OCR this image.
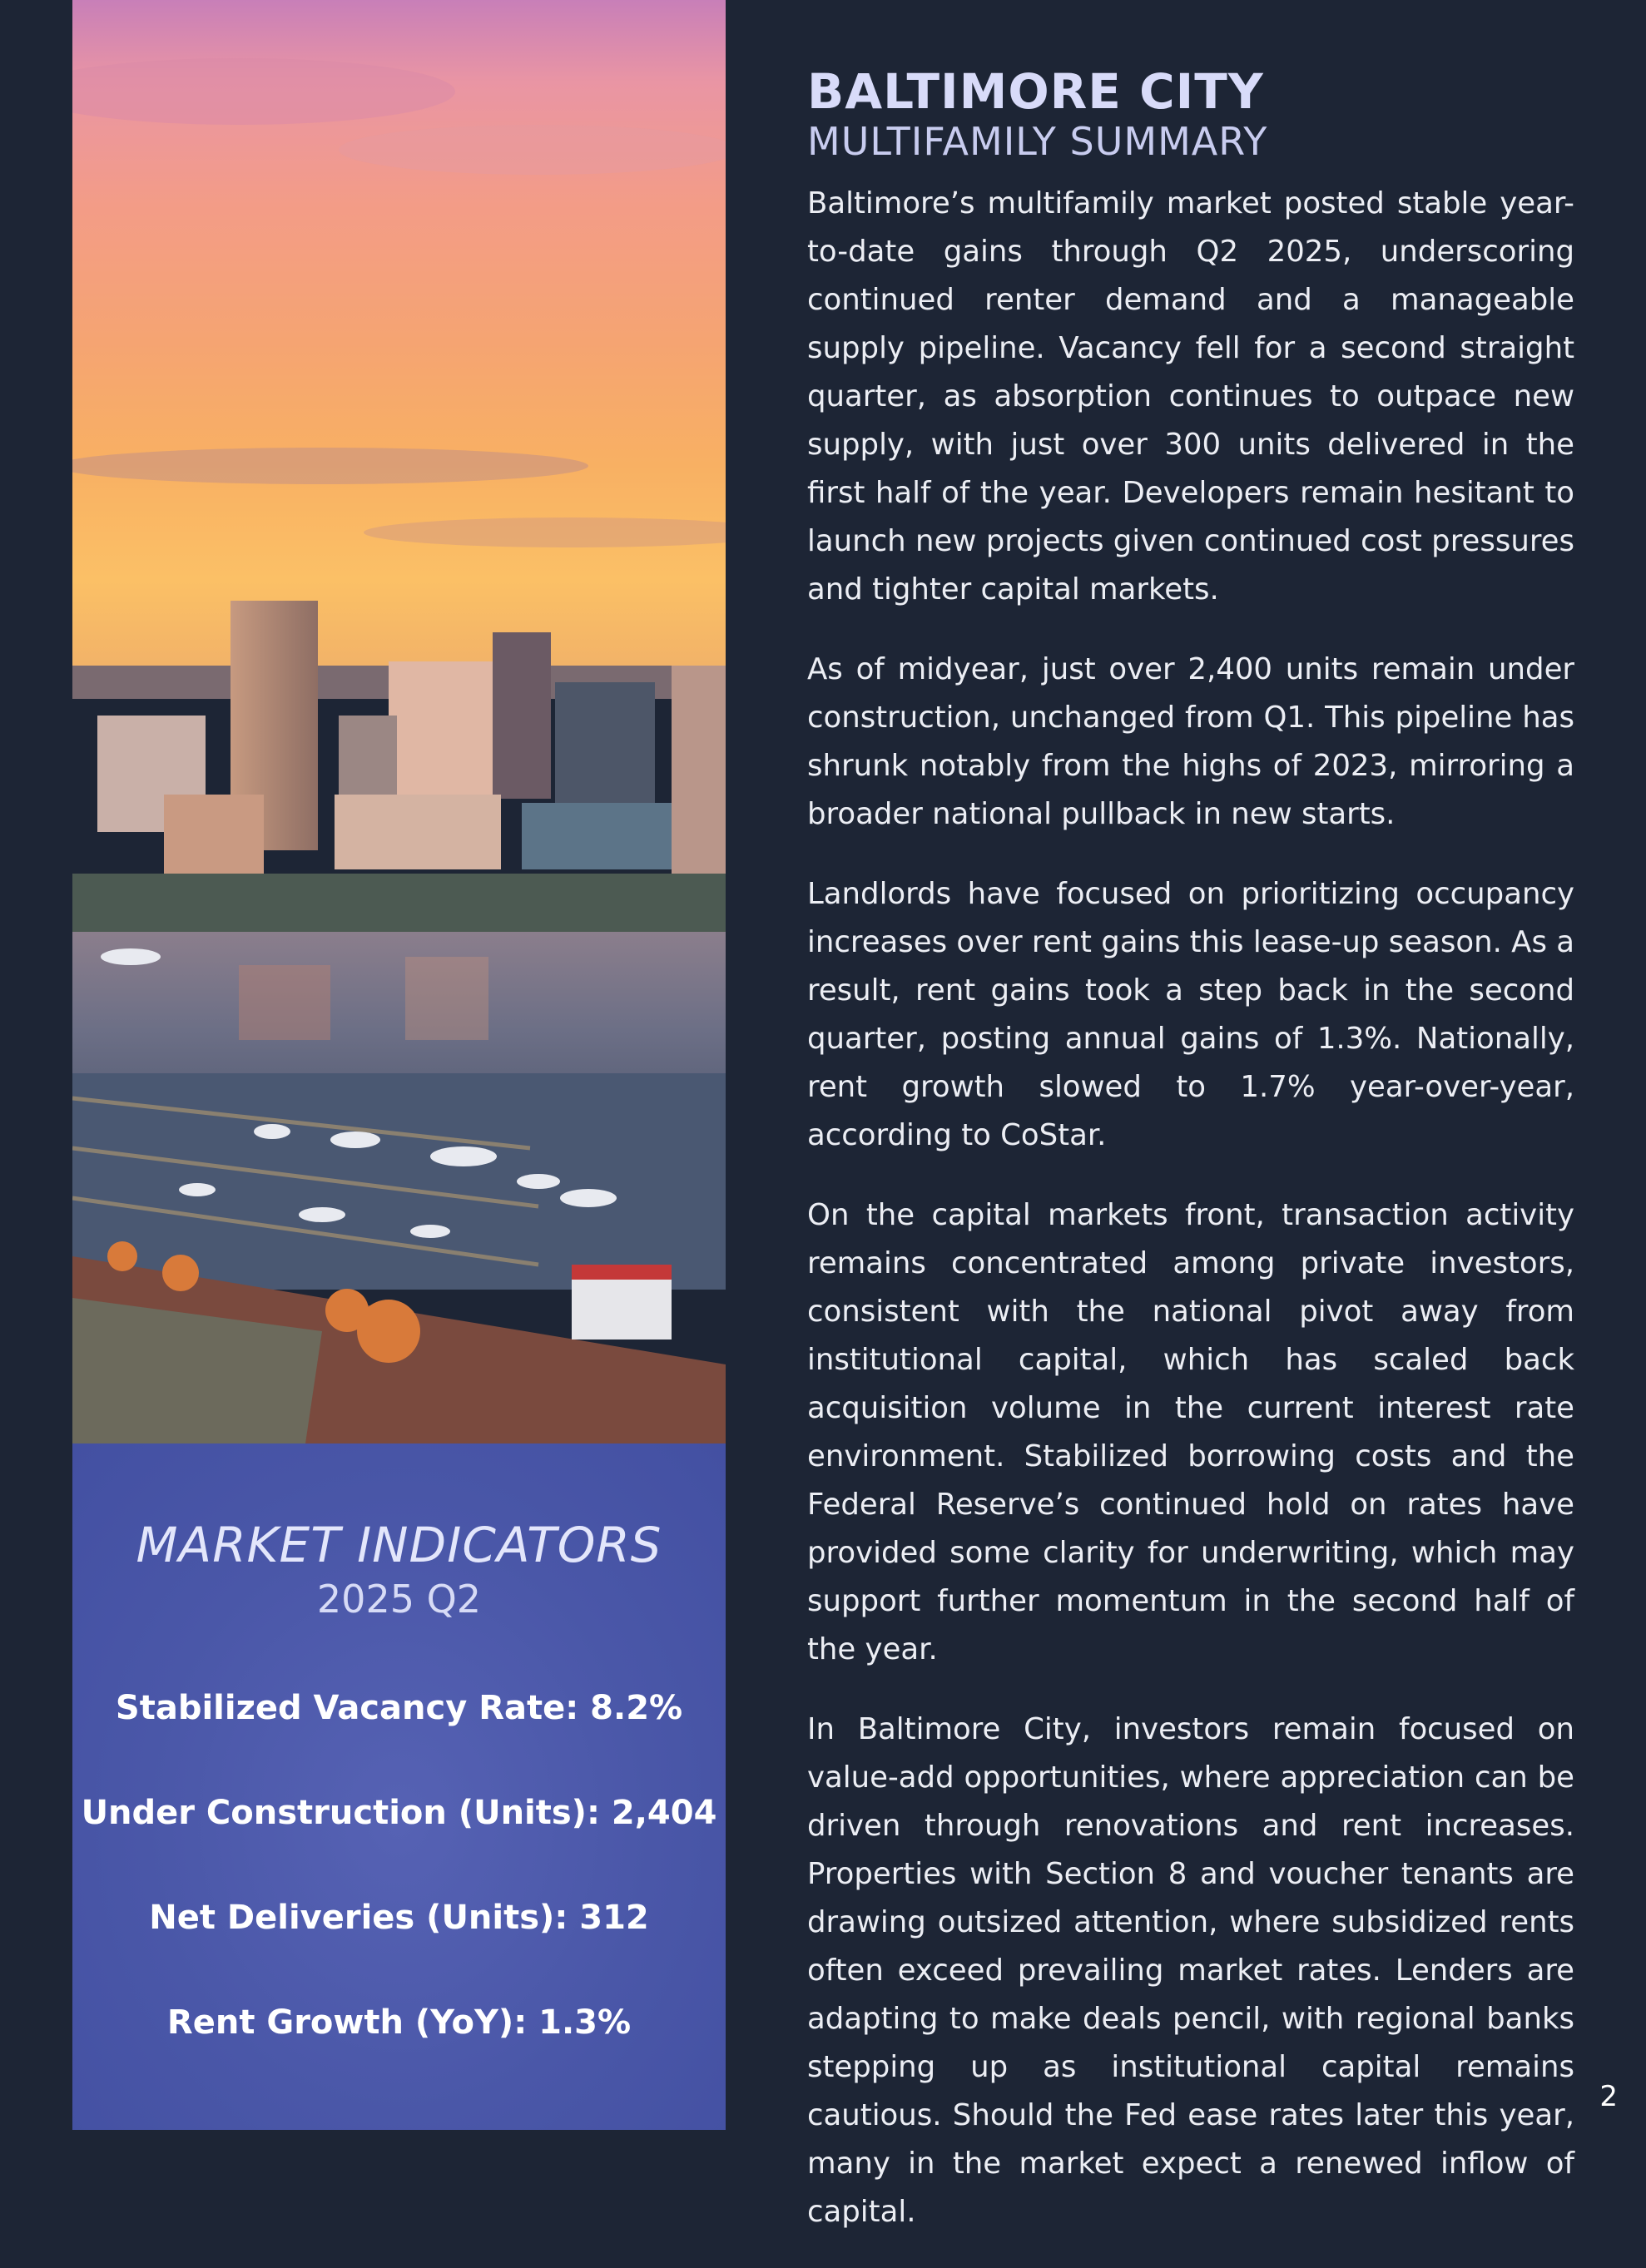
MARKET INDICATORS
2025 Q2
Stabilized Vacancy Rate: 8.2%
Under Construction (Units): 2,404
Net Deliveries (Units): 312
Rent Growth (YoY): 1.3%
BALTIMORE CITY
MULTIFAMILY SUMMARY

Baltimore’s multifamily market posted stable year-to-date gains through Q2 2025, underscoring continued renter demand and a manageable supply pipeline. Vacancy fell for a second straight quarter, as absorption continues to outpace new supply, with just over 300 units delivered in the first half of the year. Developers remain hesitant to launch new projects given continued cost pressures and tighter capital markets.

As of midyear, just over 2,400 units remain under construction, unchanged from Q1. This pipeline has shrunk notably from the highs of 2023, mirroring a broader national pullback in new starts.

Landlords have focused on prioritizing occupancy increases over rent gains this lease-up season. As a result, rent gains took a step back in the second quarter, posting annual gains of 1.3%. Nationally, rent growth slowed to 1.7% year-over-year, according to CoStar.

On the capital markets front, transaction activity remains concentrated among private investors, consistent with the national pivot away from institutional capital, which has scaled back acquisition volume in the current interest rate environment. Stabilized borrowing costs and the Federal Reserve’s continued hold on rates have provided some clarity for underwriting, which may support further momentum in the second half of the year.

In Baltimore City, investors remain focused on value-add opportunities, where appreciation can be driven through renovations and rent increases. Properties with Section 8 and voucher tenants are drawing outsized attention, where subsidized rents often exceed prevailing market rates. Lenders are adapting to make deals pencil, with regional banks stepping up as institutional capital remains cautious. Should the Fed ease rates later this year, many in the market expect a renewed inflow of capital.

2
